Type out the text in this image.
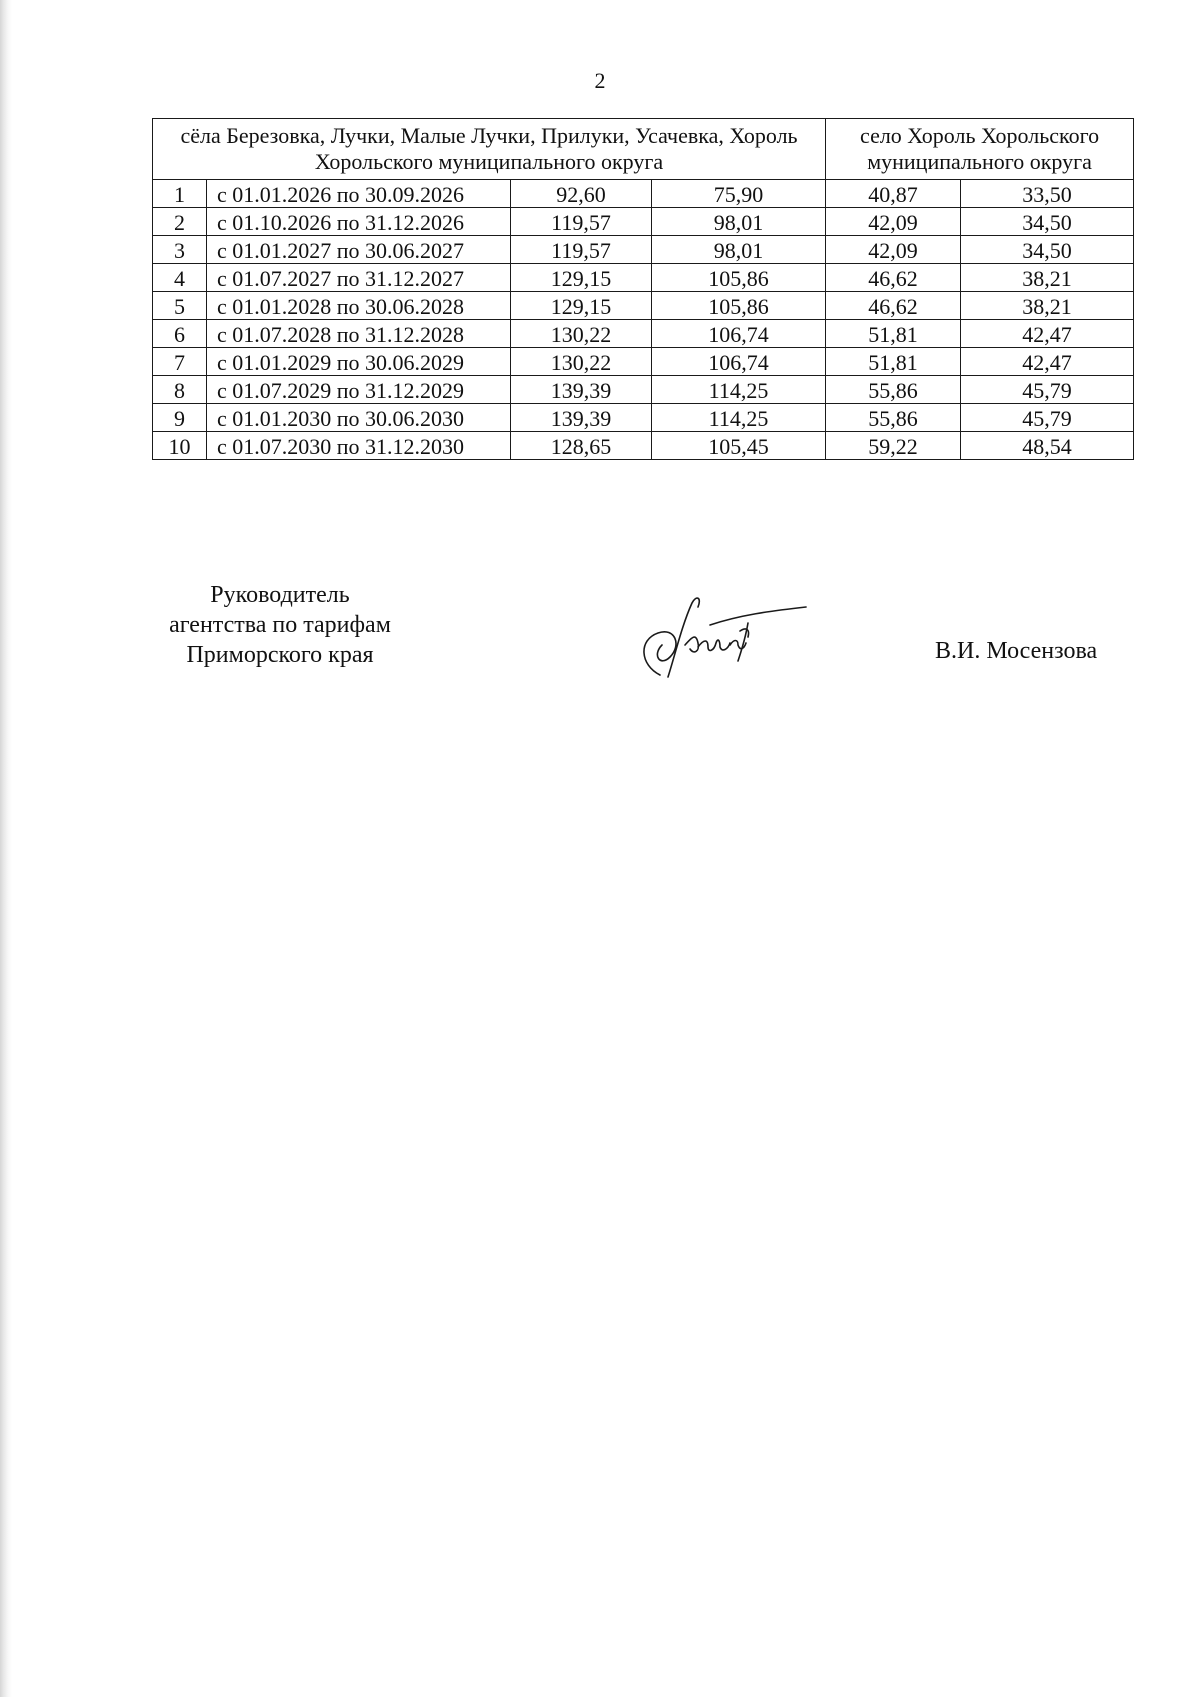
2
сёла Березовка, Лучки, Малые Лучки, Прилуки, Усачевка, Хороль Хорольского муниципального округа				село Хороль Хорольского муниципального округа	
1	с 01.01.2026 по 30.09.2026	92,60	75,90	40,87	33,50
2	с 01.10.2026 по 31.12.2026	119,57	98,01	42,09	34,50
3	с 01.01.2027 по 30.06.2027	119,57	98,01	42,09	34,50
4	с 01.07.2027 по 31.12.2027	129,15	105,86	46,62	38,21
5	с 01.01.2028 по 30.06.2028	129,15	105,86	46,62	38,21
6	с 01.07.2028 по 31.12.2028	130,22	106,74	51,81	42,47
7	с 01.01.2029 по 30.06.2029	130,22	106,74	51,81	42,47
8	с 01.07.2029 по 31.12.2029	139,39	114,25	55,86	45,79
9	с 01.01.2030 по 30.06.2030	139,39	114,25	55,86	45,79
10	с 01.07.2030 по 31.12.2030	128,65	105,45	59,22	48,54
Руководитель
агентства по тарифам
Приморского края	В.И. Мосензова
